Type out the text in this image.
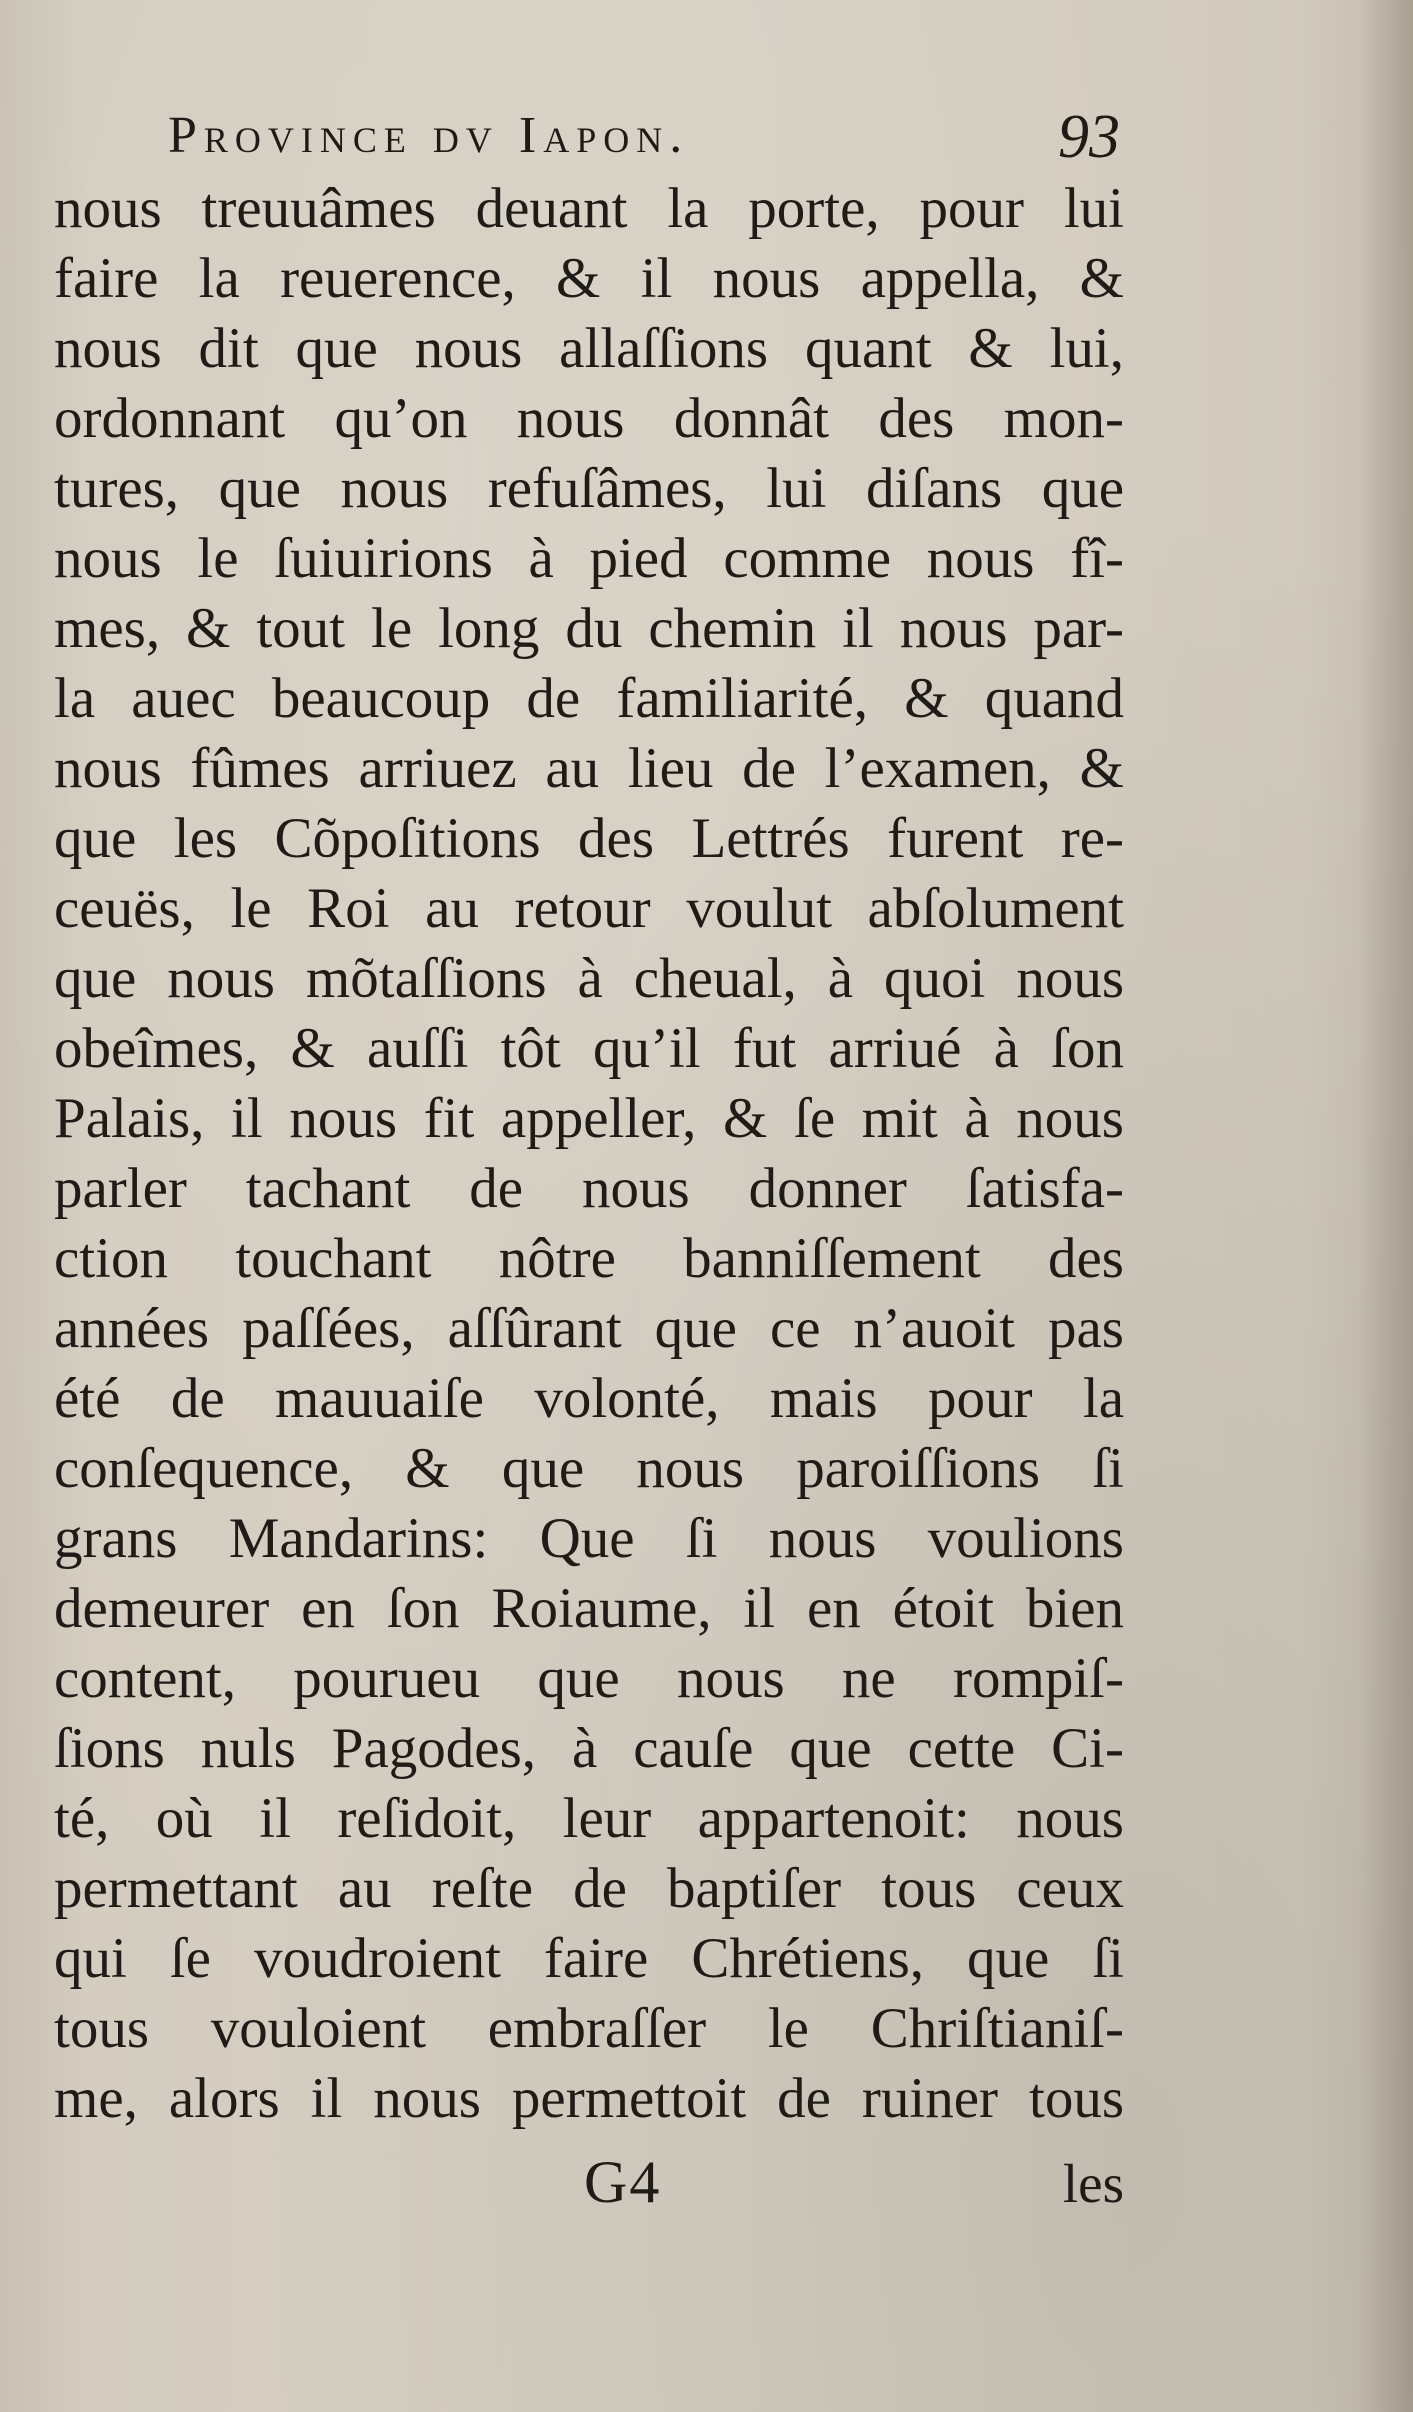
Province dv Iapon.	93
nous treuuâmes deuant la porte, pour lui
faire la reuerence, & il nous appella, &
nous dit que nous allaſſions quant & lui,
ordonnant qu’on nous donnât des mon-
tures, que nous refuſâmes, lui diſans que
nous le ſuiuirions à pied comme nous fî-
mes, & tout le long du chemin il nous par-
la auec beaucoup de familiarité, & quand
nous fûmes arriuez au lieu de l’examen, &
que les Cõpoſitions des Lettrés furent re-
ceuës, le Roi au retour voulut abſolument
que nous mõtaſſions à cheual, à quoi nous
obeîmes, & auſſi tôt qu’il fut arriué à ſon
Palais, il nous fit appeller, & ſe mit à nous
parler tachant de nous donner ſatisfa-
ction touchant nôtre banniſſement des
années paſſées, aſſûrant que ce n’auoit pas
été de mauuaiſe volonté, mais pour la
conſequence, & que nous paroiſſions ſi
grans Mandarins: Que ſi nous voulions
demeurer en ſon Roiaume, il en étoit bien
content, pourueu que nous ne rompiſ-
ſions nuls Pagodes, à cauſe que cette Ci-
té, où il reſidoit, leur appartenoit: nous
permettant au reſte de baptiſer tous ceux
qui ſe voudroient faire Chrétiens, que ſi
tous vouloient embraſſer le Chriſtianiſ-
me, alors il nous permettoit de ruiner tous
G4	les
